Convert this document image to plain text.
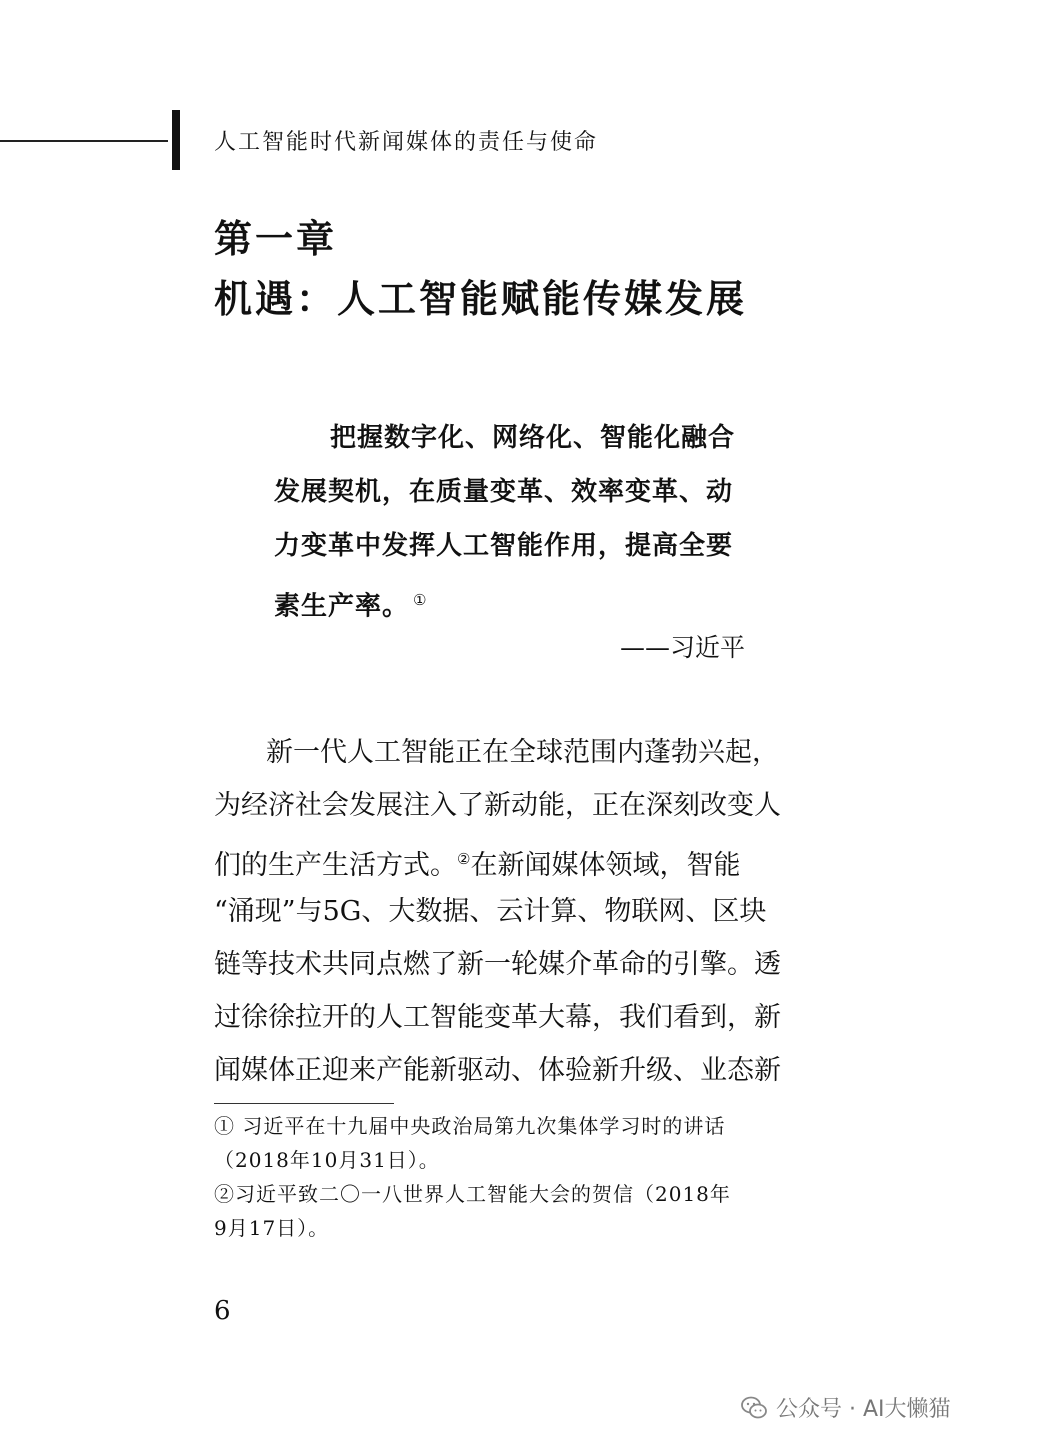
人工智能时代新闻媒体的责任与使命
第一章
机遇：人工智能赋能传媒发展
把握数字化、网络化、智能化融合
发展契机，在质量变革、效率变革、动
力变革中发挥人工智能作用，提高全要
素生产率。 ①
——习近平
新一代人工智能正在全球范围内蓬勃兴起，
为经济社会发展注入了新动能，正在深刻改变人
们的生产生活方式。②在新闻媒体领域，智能
“涌现”与5G、大数据、云计算、物联网、区块
链等技术共同点燃了新一轮媒介革命的引擎。透
过徐徐拉开的人工智能变革大幕，我们看到，新
闻媒体正迎来产能新驱动、体验新升级、业态新
① 习近平在十九届中央政治局第九次集体学习时的讲话
（2018年10月31日）。
②习近平致二〇一八世界人工智能大会的贺信（2018年
9月17日）。
6
公众号 · AI大懒猫
